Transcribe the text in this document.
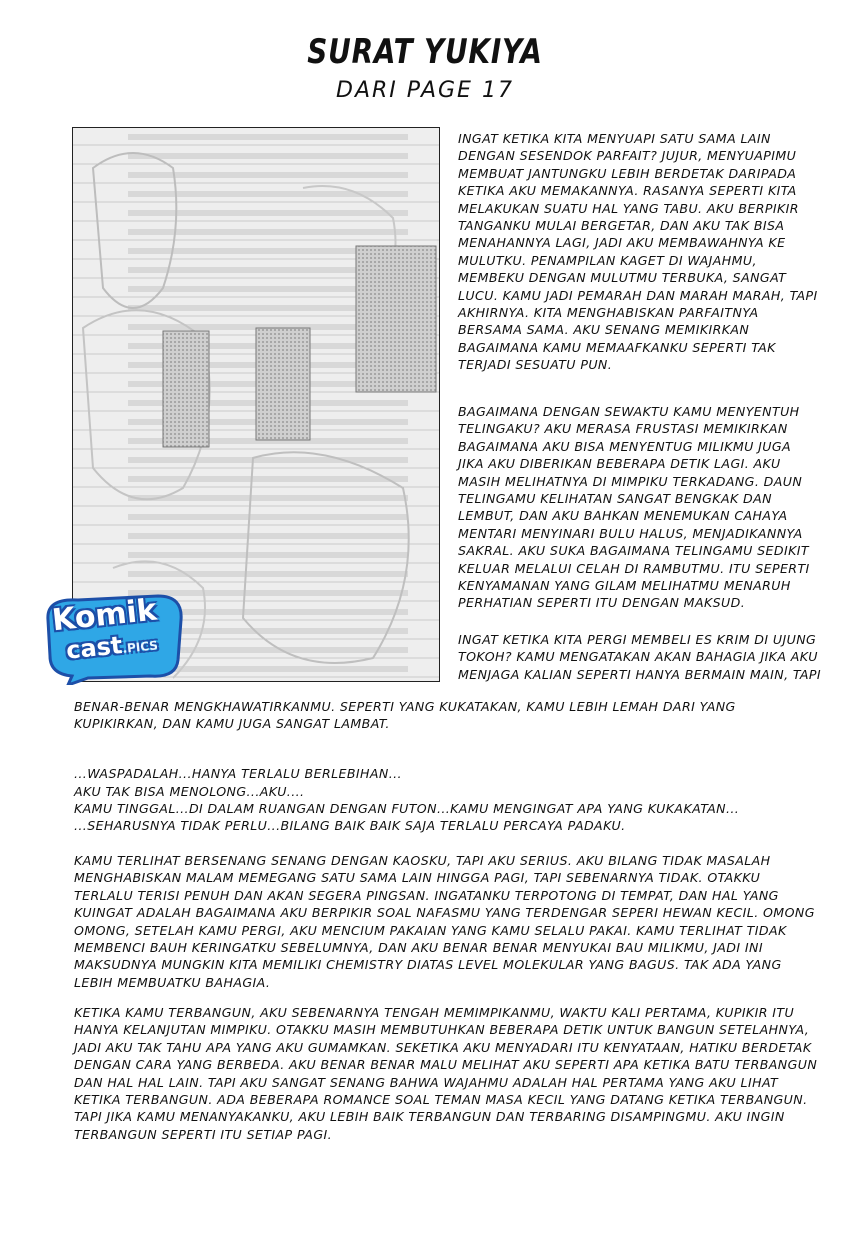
SURAT YUKIYA
DARI PAGE 17
Komik
cast.PICS

INGAT KETIKA KITA MENYUAPI SATU SAMA LAIN DENGAN SESENDOK PARFAIT? JUJUR, MENYUAPIMU MEMBUAT JANTUNGKU LEBIH BERDETAK DARIPADA KETIKA AKU MEMAKANNYA. RASANYA SEPERTI KITA MELAKUKAN SUATU HAL YANG TABU. AKU BERPIKIR TANGANKU MULAI BERGETAR, DAN AKU TAK BISA MENAHANNYA LAGI, JADI AKU MEMBAWAHNYA KE MULUTKU. PENAMPILAN KAGET DI WAJAHMU, MEMBEKU DENGAN MULUTMU TERBUKA, SANGAT LUCU. KAMU JADI PEMARAH DAN MARAH MARAH, TAPI AKHIRNYA. KITA MENGHABISKAN PARFAITNYA BERSAMA SAMA. AKU SENANG MEMIKIRKAN BAGAIMANA KAMU MEMAAFKANKU SEPERTI TAK TERJADI SESUATU PUN.

BAGAIMANA DENGAN SEWAKTU KAMU MENYENTUH TELINGAKU? AKU MERASA FRUSTASI MEMIKIRKAN BAGAIMANA AKU BISA MENYENTUG MILIKMU JUGA JIKA AKU DIBERIKAN BEBERAPA DETIK LAGI. AKU MASIH MELIHATNYA DI MIMPIKU TERKADANG. DAUN TELINGAMU KELIHATAN SANGAT BENGKAK DAN LEMBUT, DAN AKU BAHKAN MENEMUKAN CAHAYA MENTARI MENYINARI BULU HALUS, MENJADIKANNYA SAKRAL. AKU SUKA BAGAIMANA TELINGAMU SEDIKIT KELUAR MELALUI CELAH DI RAMBUTMU. ITU SEPERTI KENYAMANAN YANG GILAM MELIHATMU MENARUH PERHATIAN SEPERTI ITU DENGAN MAKSUD.

INGAT KETIKA KITA PERGI MEMBELI ES KRIM DI UJUNG TOKOH? KAMU MENGATAKAN AKAN BAHAGIA JIKA AKU MENJAGA KALIAN SEPERTI HANYA BERMAIN MAIN, TAPI

BENAR-BENAR MENGKHAWATIRKANMU. SEPERTI YANG KUKATAKAN, KAMU LEBIH LEMAH DARI YANG KUPIKIRKAN, DAN KAMU JUGA SANGAT LAMBAT.

...WASPADALAH...HANYA TERLALU BERLEBIHAN...
AKU TAK BISA MENOLONG...AKU....
KAMU TINGGAL...DI DALAM RUANGAN DENGAN FUTON...KAMU MENGINGAT APA YANG KUKAKATAN...

...SEHARUSNYA TIDAK PERLU...BILANG BAIK BAIK SAJA TERLALU PERCAYA PADAKU.

KAMU TERLIHAT BERSENANG SENANG DENGAN KAOSKU, TAPI AKU SERIUS. AKU BILANG TIDAK MASALAH MENGHABISKAN MALAM MEMEGANG SATU SAMA LAIN HINGGA PAGI, TAPI SEBENARNYA TIDAK. OTAKKU TERLALU TERISI PENUH DAN AKAN SEGERA PINGSAN. INGATANKU TERPOTONG DI TEMPAT, DAN HAL YANG KUINGAT ADALAH BAGAIMANA AKU BERPIKIR SOAL NAFASMU YANG TERDENGAR SEPERI HEWAN KECIL. OMONG OMONG, SETELAH KAMU PERGI, AKU MENCIUM PAKAIAN YANG KAMU SELALU PAKAI. KAMU TERLIHAT TIDAK MEMBENCI BAUH KERINGATKU SEBELUMNYA, DAN AKU BENAR BENAR MENYUKAI BAU MILIKMU, JADI INI MAKSUDNYA MUNGKIN KITA MEMILIKI CHEMISTRY DIATAS LEVEL MOLEKULAR YANG BAGUS. TAK ADA YANG LEBIH MEMBUATKU BAHAGIA.

KETIKA KAMU TERBANGUN, AKU SEBENARNYA TENGAH MEMIMPIKANMU, WAKTU KALI PERTAMA, KUPIKIR ITU HANYA KELANJUTAN MIMPIKU. OTAKKU MASIH MEMBUTUHKAN BEBERAPA DETIK UNTUK BANGUN SETELAHNYA, JADI AKU TAK TAHU APA YANG AKU GUMAMKAN. SEKETIKA AKU MENYADARI ITU KENYATAAN, HATIKU BERDETAK DENGAN CARA YANG BERBEDA. AKU BENAR BENAR MALU MELIHAT AKU SEPERTI APA KETIKA BATU TERBANGUN DAN HAL HAL LAIN. TAPI AKU SANGAT SENANG BAHWA WAJAHMU ADALAH HAL PERTAMA YANG AKU LIHAT KETIKA TERBANGUN. ADA BEBERAPA ROMANCE SOAL TEMAN MASA KECIL YANG DATANG KETIKA TERBANGUN. TAPI JIKA KAMU MENANYAKANKU, AKU LEBIH BAIK TERBANGUN DAN TERBARING DISAMPINGMU. AKU INGIN TERBANGUN SEPERTI ITU SETIAP PAGI.
